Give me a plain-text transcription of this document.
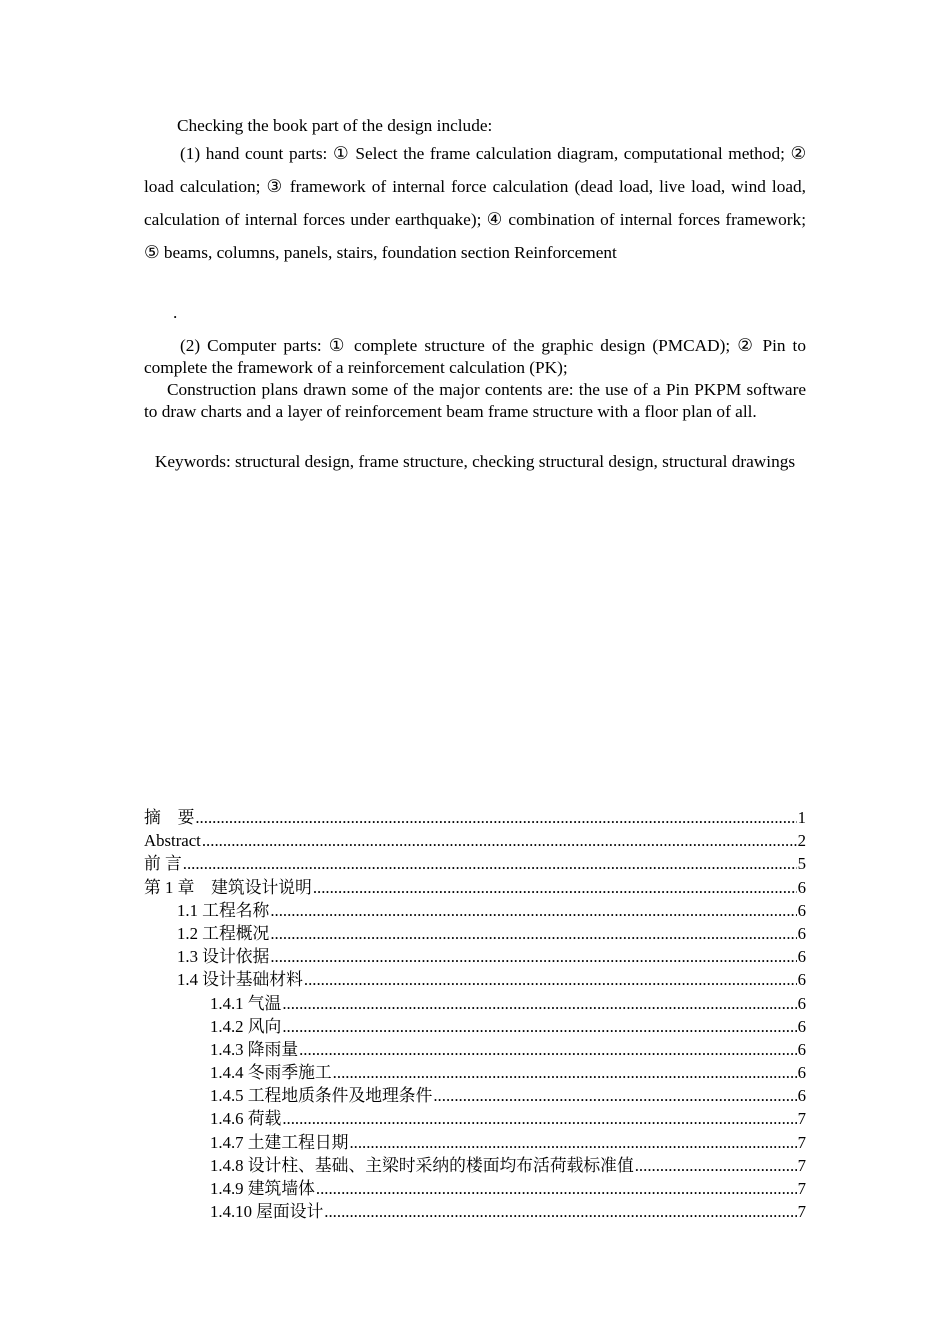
Checking the book part of the design include:

(1) hand count parts: ① Select the frame calculation diagram, computational method; ② load calculation; ③ framework of internal force calculation (dead load, live load, wind load, calculation of internal forces under earthquake); ④ combination of internal forces framework; ⑤ beams, columns, panels, stairs, foundation section Reinforcement

.

(2) Computer parts: ① complete structure of the graphic design (PMCAD); ② Pin to complete the framework of a reinforcement calculation (PK);

Construction plans drawn some of the major contents are: the use of a Pin PKPM software to draw charts and a layer of reinforcement beam frame structure with a floor plan of all.

Keywords: structural design, frame structure, checking structural design, structural drawings

摘　要 .....	1
Abstract .....	2
前 言 .....	5
第 1 章　建筑设计说明 .....	6
1.1 工程名称 .....	6
1.2 工程概况 .....	6
1.3 设计依据 .....	6
1.4 设计基础材料 .....	6
1.4.1 气温 .....	6
1.4.2 风向 .....	6
1.4.3 降雨量 .....	6
1.4.4 冬雨季施工 .....	6
1.4.5 工程地质条件及地理条件 .....	6
1.4.6 荷载 .....	7
1.4.7 土建工程日期 .....	7
1.4.8 设计柱、基础、主梁时采纳的楼面均布活荷载标准值 .....	7
1.4.9 建筑墙体 .....	7
1.4.10 屋面设计 .....	7
